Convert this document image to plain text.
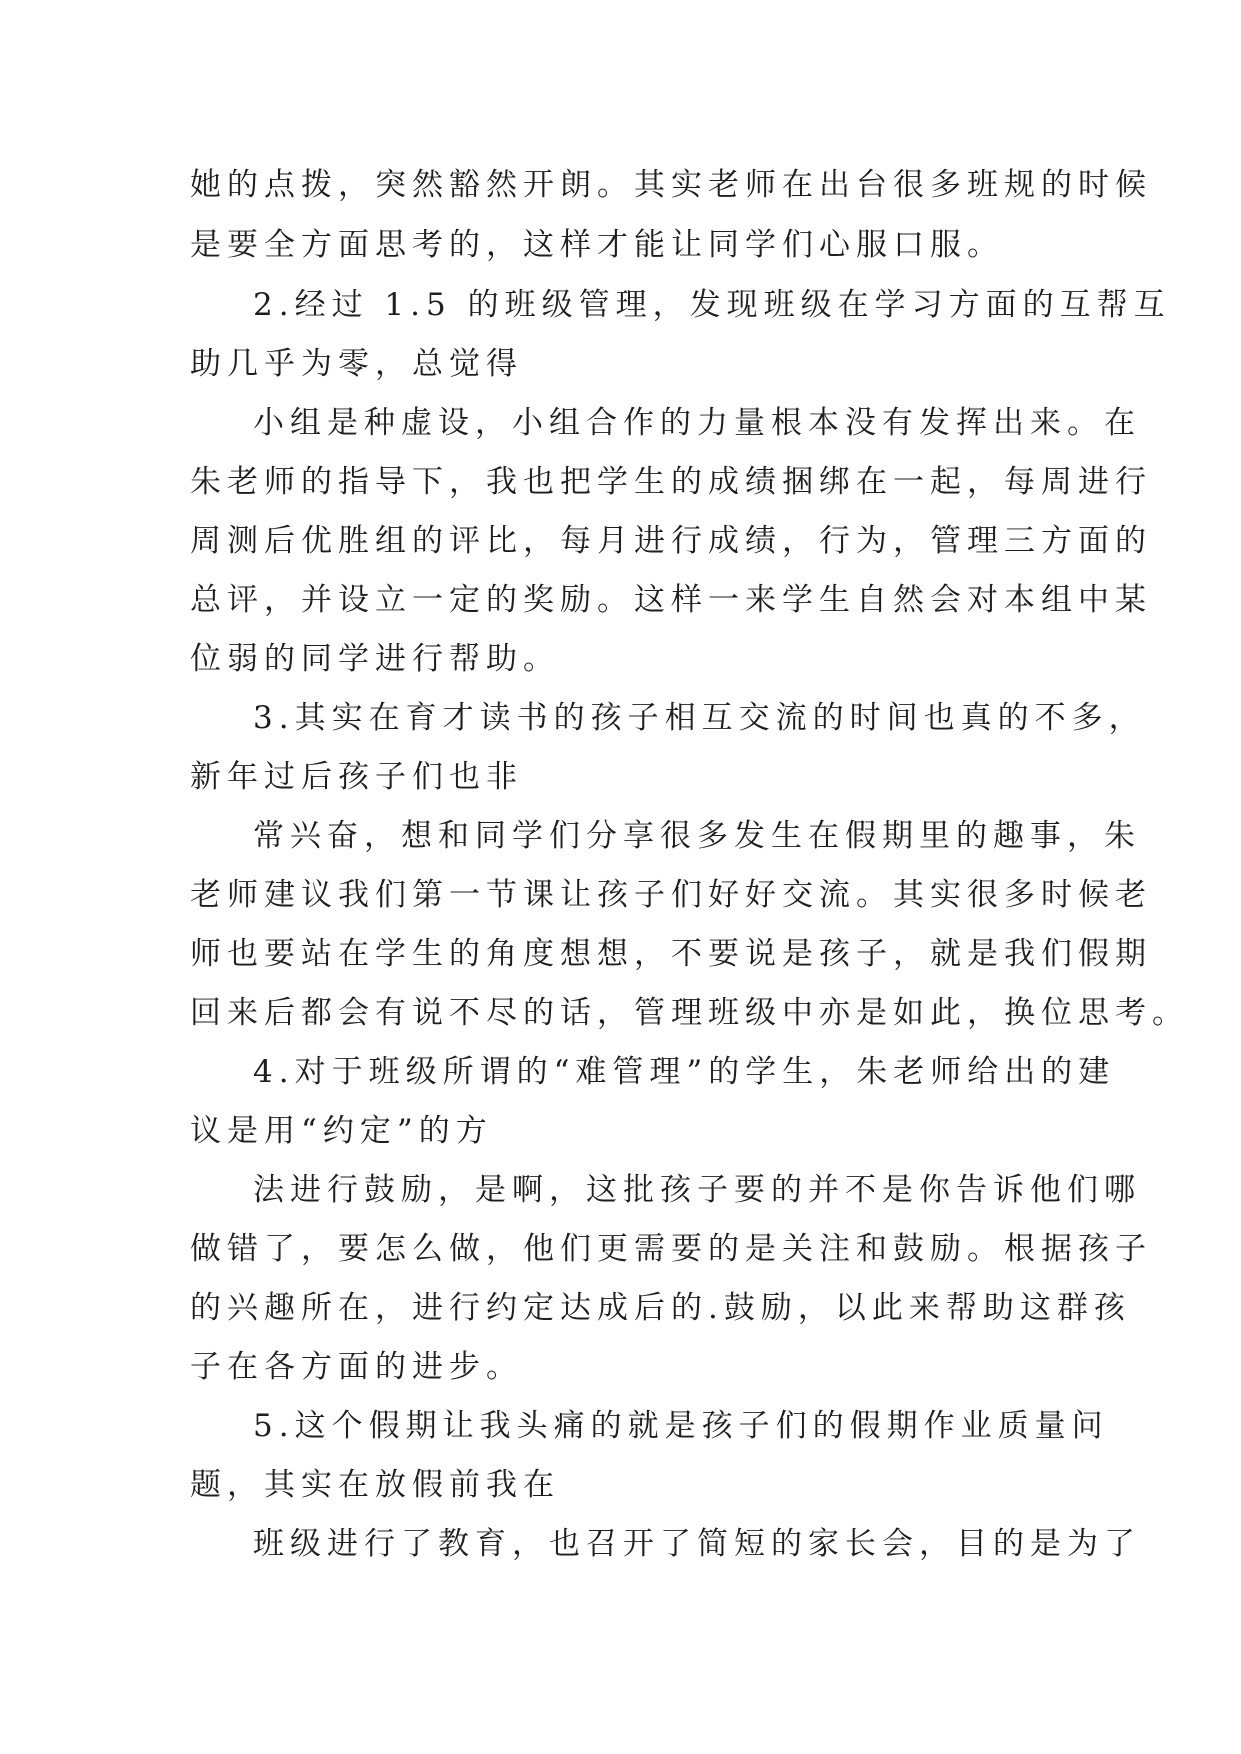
她的点拨，突然豁然开朗。其实老师在出台很多班规的时候
是要全方面思考的，这样才能让同学们心服口服。
2.经过 1.5 的班级管理，发现班级在学习方面的互帮互
助几乎为零，总觉得
小组是种虚设，小组合作的力量根本没有发挥出来。在
朱老师的指导下，我也把学生的成绩捆绑在一起，每周进行
周测后优胜组的评比，每月进行成绩，行为，管理三方面的
总评，并设立一定的奖励。这样一来学生自然会对本组中某
位弱的同学进行帮助。
3.其实在育才读书的孩子相互交流的时间也真的不多，
新年过后孩子们也非
常兴奋，想和同学们分享很多发生在假期里的趣事，朱
老师建议我们第一节课让孩子们好好交流。其实很多时候老
师也要站在学生的角度想想，不要说是孩子，就是我们假期
回来后都会有说不尽的话，管理班级中亦是如此，换位思考。
4.对于班级所谓的“难管理”的学生，朱老师给出的建
议是用“约定”的方
法进行鼓励，是啊，这批孩子要的并不是你告诉他们哪
做错了，要怎么做，他们更需要的是关注和鼓励。根据孩子
的兴趣所在，进行约定达成后的.鼓励，以此来帮助这群孩
子在各方面的进步。
5.这个假期让我头痛的就是孩子们的假期作业质量问
题，其实在放假前我在
班级进行了教育，也召开了简短的家长会，目的是为了
